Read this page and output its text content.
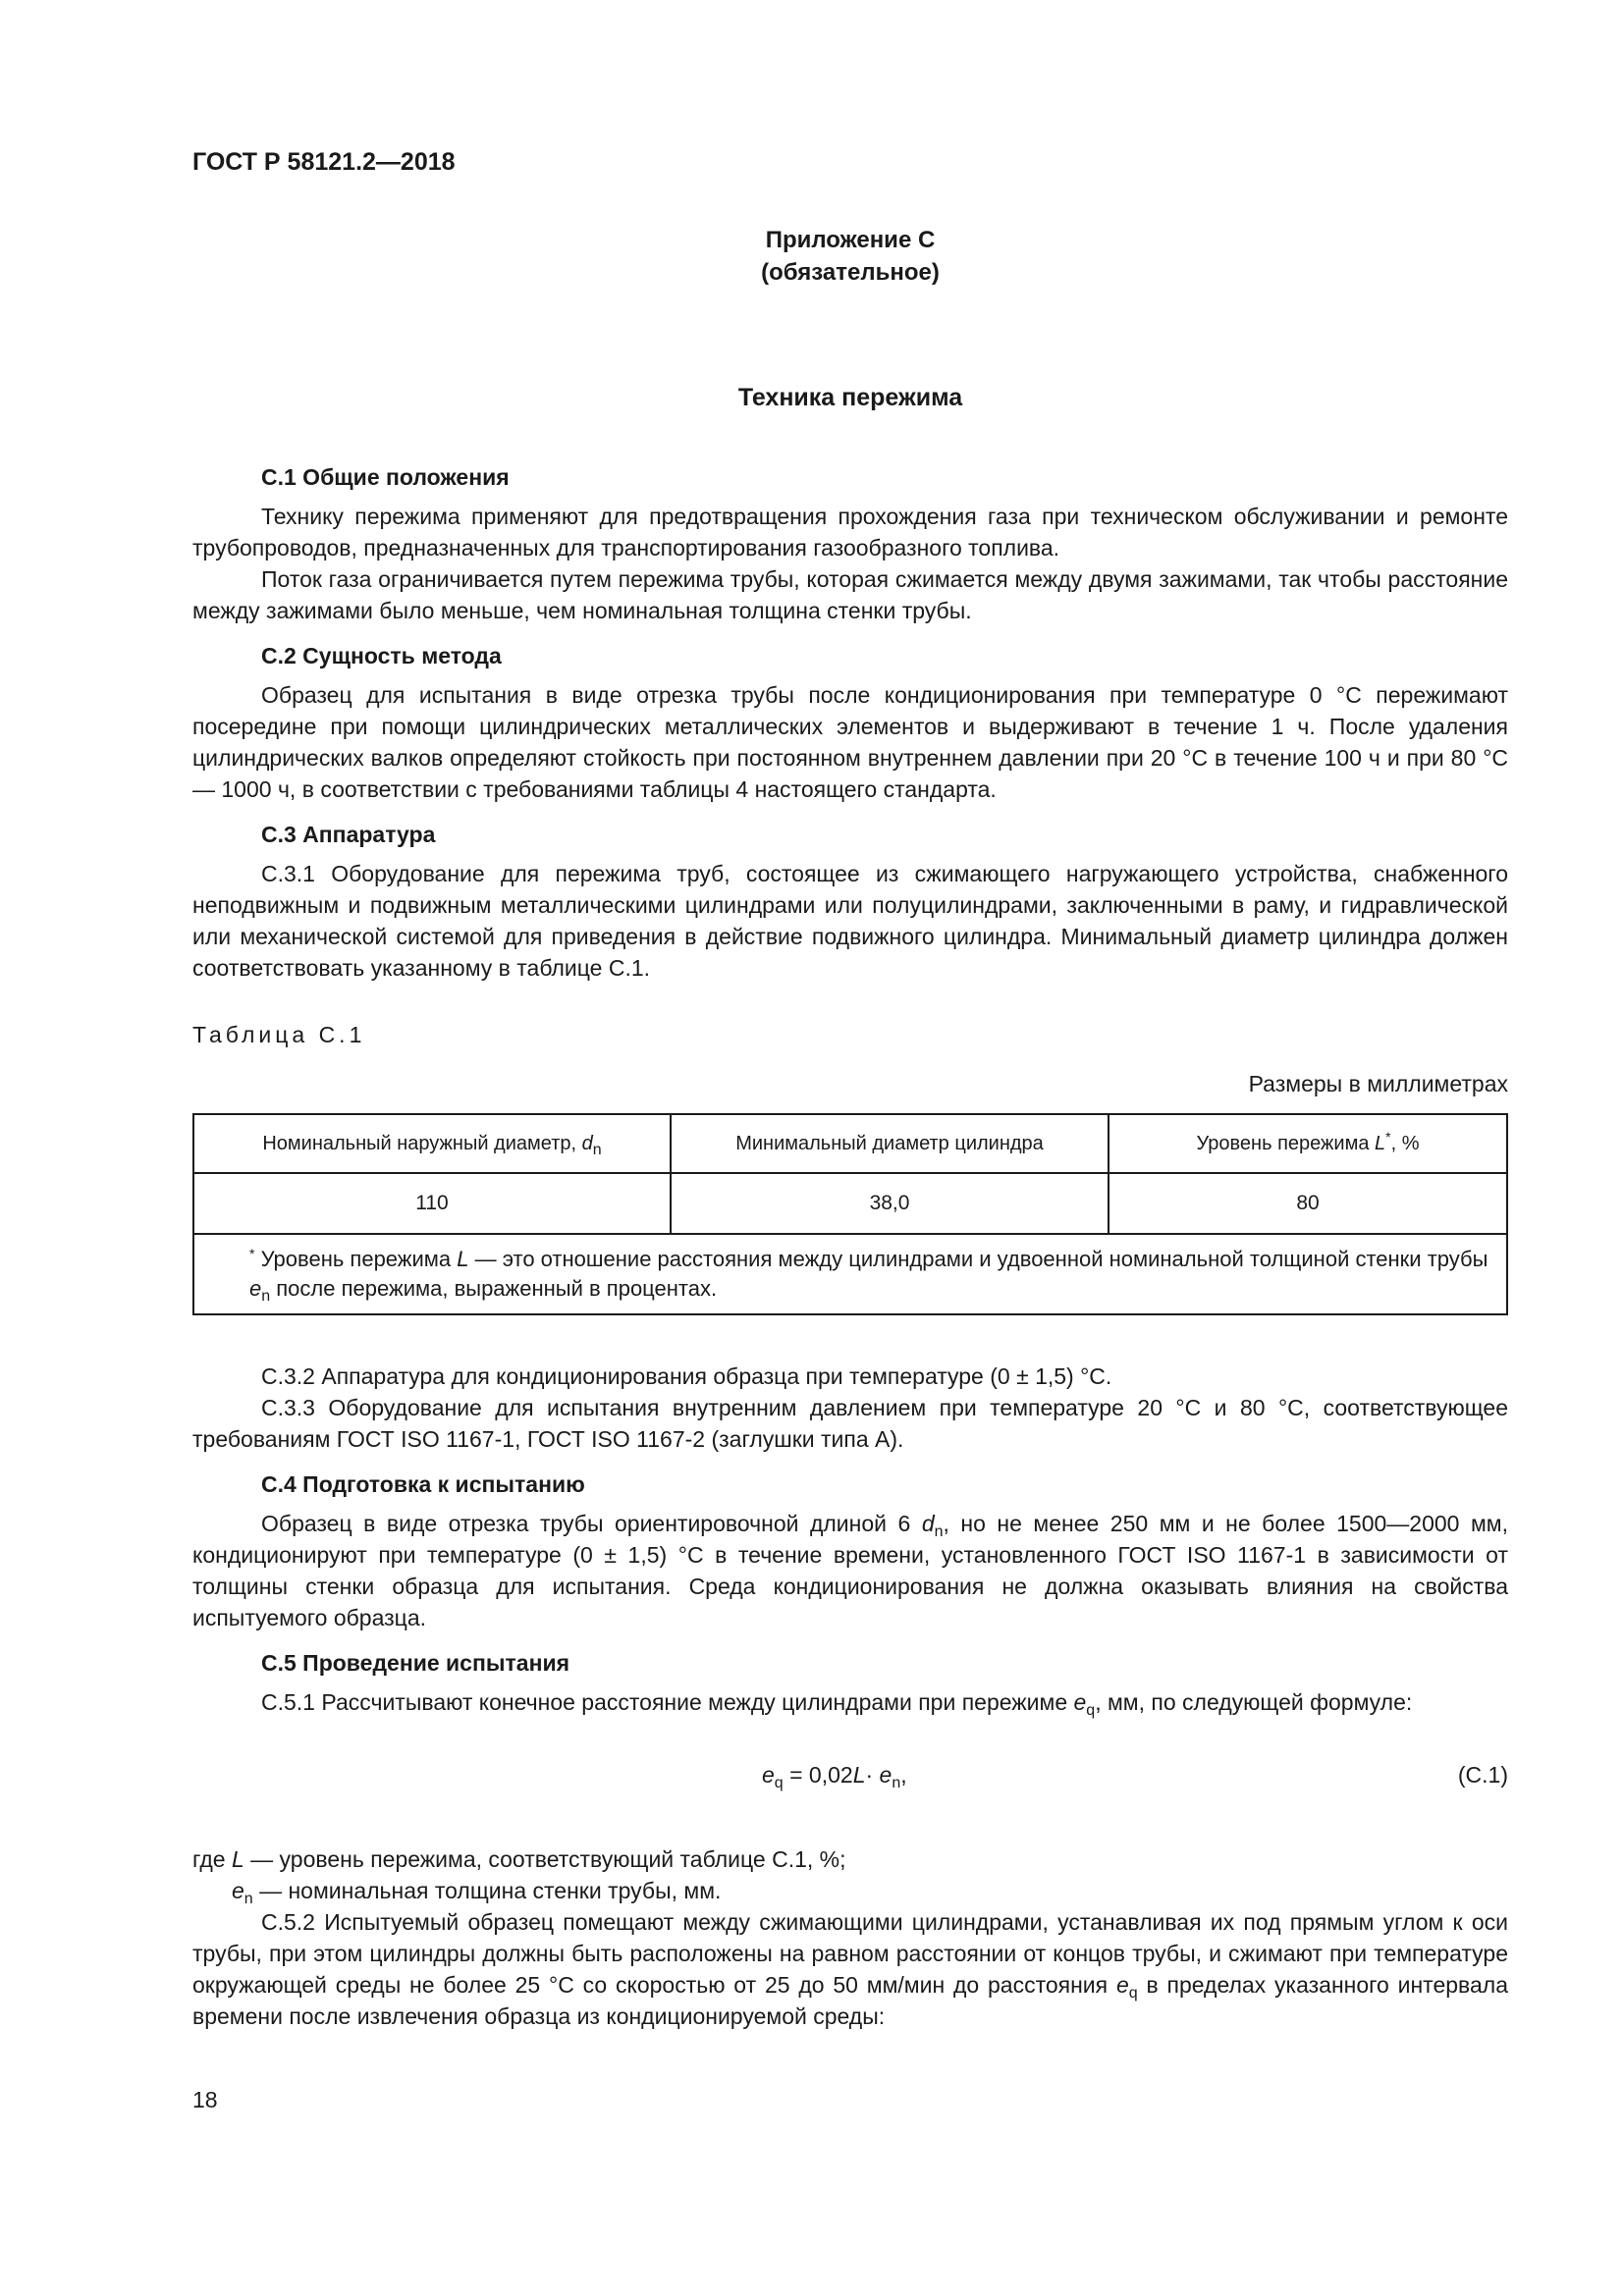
ГОСТ Р 58121.2—2018
Приложение С
(обязательное)
Техника пережима
С.1 Общие положения

Технику пережима применяют для предотвращения прохождения газа при техническом обслуживании и ремонте трубопроводов, предназначенных для транспортирования газообразного топлива.

Поток газа ограничивается путем пережима трубы, которая сжимается между двумя зажимами, так чтобы расстояние между зажимами было меньше, чем номинальная толщина стенки трубы.

С.2 Сущность метода

Образец для испытания в виде отрезка трубы после кондиционирования при температуре 0 °С пережимают посередине при помощи цилиндрических металлических элементов и выдерживают в течение 1 ч. После удаления цилиндрических валков определяют стойкость при постоянном внутреннем давлении при 20 °С в течение 100 ч и при 80 °С — 1000 ч, в соответствии с требованиями таблицы 4 настоящего стандарта.

С.3 Аппаратура

С.3.1 Оборудование для пережима труб, состоящее из сжимающего нагружающего устройства, снабженного неподвижным и подвижным металлическими цилиндрами или полуцилиндрами, заключенными в раму, и гидравлической или механической системой для приведения в действие подвижного цилиндра. Минимальный диаметр цилиндра должен соответствовать указанному в таблице С.1.

Таблица С.1
Размеры в миллиметрах
Номинальный наружный диаметр, $d_n$	Минимальный диаметр цилиндра	Уровень пережима L*, %
110	38,0	80
* Уровень пережима L — это отношение расстояния между цилиндрами и удвоенной номинальной толщиной стенки трубы $e_n$ после пережима, выраженный в процентах.		

С.3.2 Аппаратура для кондиционирования образца при температуре (0 ± 1,5) °С.

С.3.3 Оборудование для испытания внутренним давлением при температуре 20 °С и 80 °С, соответствующее требованиям ГОСТ ISO 1167-1, ГОСТ ISO 1167-2 (заглушки типа А).

С.4 Подготовка к испытанию

Образец в виде отрезка трубы ориентировочной длиной 6 $d_n$, но не менее 250 мм и не более 1500—2000 мм, кондиционируют при температуре (0 ± 1,5) °С в течение времени, установленного ГОСТ ISO 1167-1 в зависимости от толщины стенки образца для испытания. Среда кондиционирования не должна оказывать влияния на свойства испытуемого образца.

С.5 Проведение испытания

С.5.1 Рассчитывают конечное расстояние между цилиндрами при пережиме $e_q$, мм, по следующей формуле:

$e_q = 0,02L\cdot e_n$,	(С.1)

где L — уровень пережима, соответствующий таблице С.1, %;

$e_n$ — номинальная толщина стенки трубы, мм.

С.5.2 Испытуемый образец помещают между сжимающими цилиндрами, устанавливая их под прямым углом к оси трубы, при этом цилиндры должны быть расположены на равном расстоянии от концов трубы, и сжимают при температуре окружающей среды не более 25 °С со скоростью от 25 до 50 мм/мин до расстояния $e_q$ в пределах указанного интервала времени после извлечения образца из кондиционируемой среды:

18
